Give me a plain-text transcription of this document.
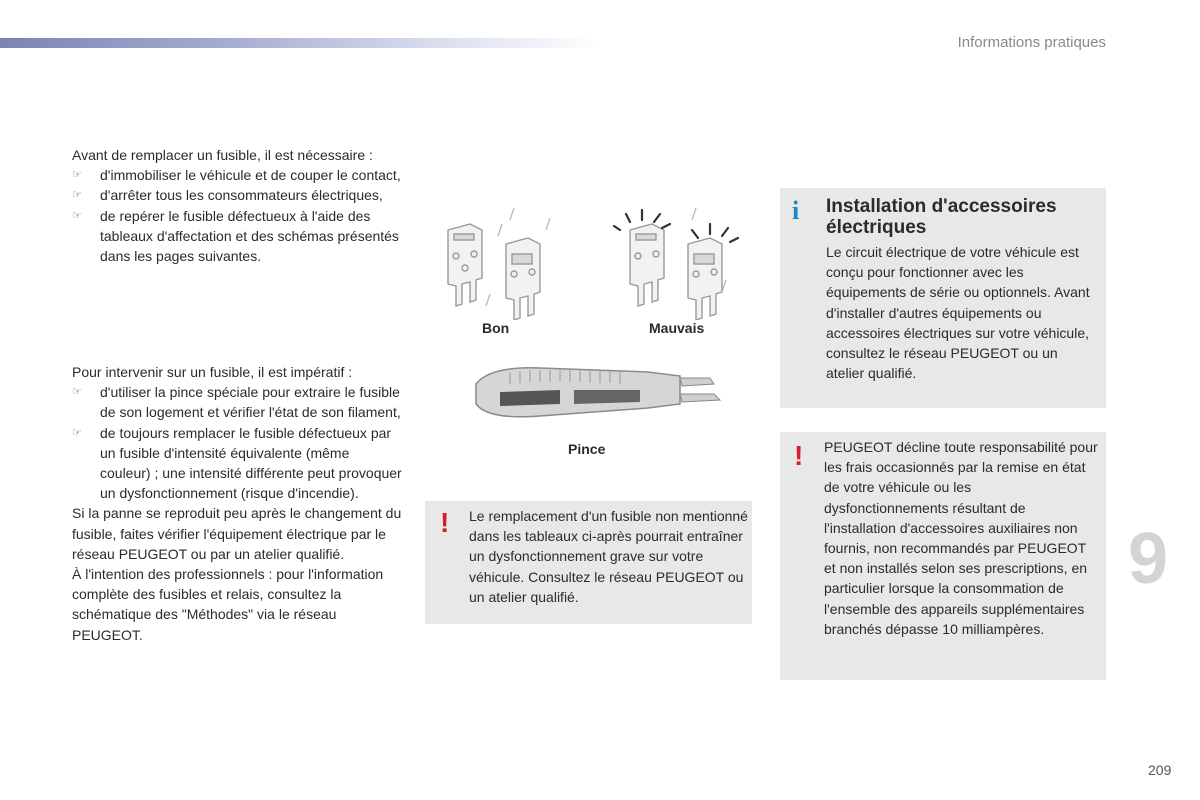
Informations pratiques

Avant de remplacer un fusible, il est nécessaire :

☞ d'immobiliser le véhicule et de couper le contact,
☞ d'arrêter tous les consommateurs électriques,
☞ de repérer le fusible défectueux à l'aide des tableaux d'affectation et des schémas présentés dans les pages suivantes.

Pour intervenir sur un fusible, il est impératif :

☞ d'utiliser la pince spéciale pour extraire le fusible de son logement et vérifier l'état de son filament,
☞ de toujours remplacer le fusible défectueux par un fusible d'intensité équivalente (même couleur) ; une intensité différente peut provoquer un dysfonctionnement (risque d'incendie).

Si la panne se reproduit peu après le changement du fusible, faites vérifier l'équipement électrique par le réseau PEUGEOT ou par un atelier qualifié.

À l'intention des professionnels : pour l'information complète des fusibles et relais, consultez la schématique des "Méthodes" via le réseau PEUGEOT.

Bon	Mauvais
Pince
! Le remplacement d'un fusible non mentionné dans les tableaux ci-après pourrait entraîner un dysfonctionnement grave sur votre véhicule. Consultez le réseau PEUGEOT ou un atelier qualifié.
i Installation d'accessoires électriques
Le circuit électrique de votre véhicule est conçu pour fonctionner avec les équipements de série ou optionnels. Avant d'installer d'autres équipements ou accessoires électriques sur votre véhicule, consultez le réseau PEUGEOT ou un atelier qualifié.
! PEUGEOT décline toute responsabilité pour les frais occasionnés par la remise en état de votre véhicule ou les dysfonctionnements résultant de l'installation d'accessoires auxiliaires non fournis, non recommandés par PEUGEOT et non installés selon ses prescriptions, en particulier lorsque la consommation de l'ensemble des appareils supplémentaires branchés dépasse 10 milliampères.
9
209
